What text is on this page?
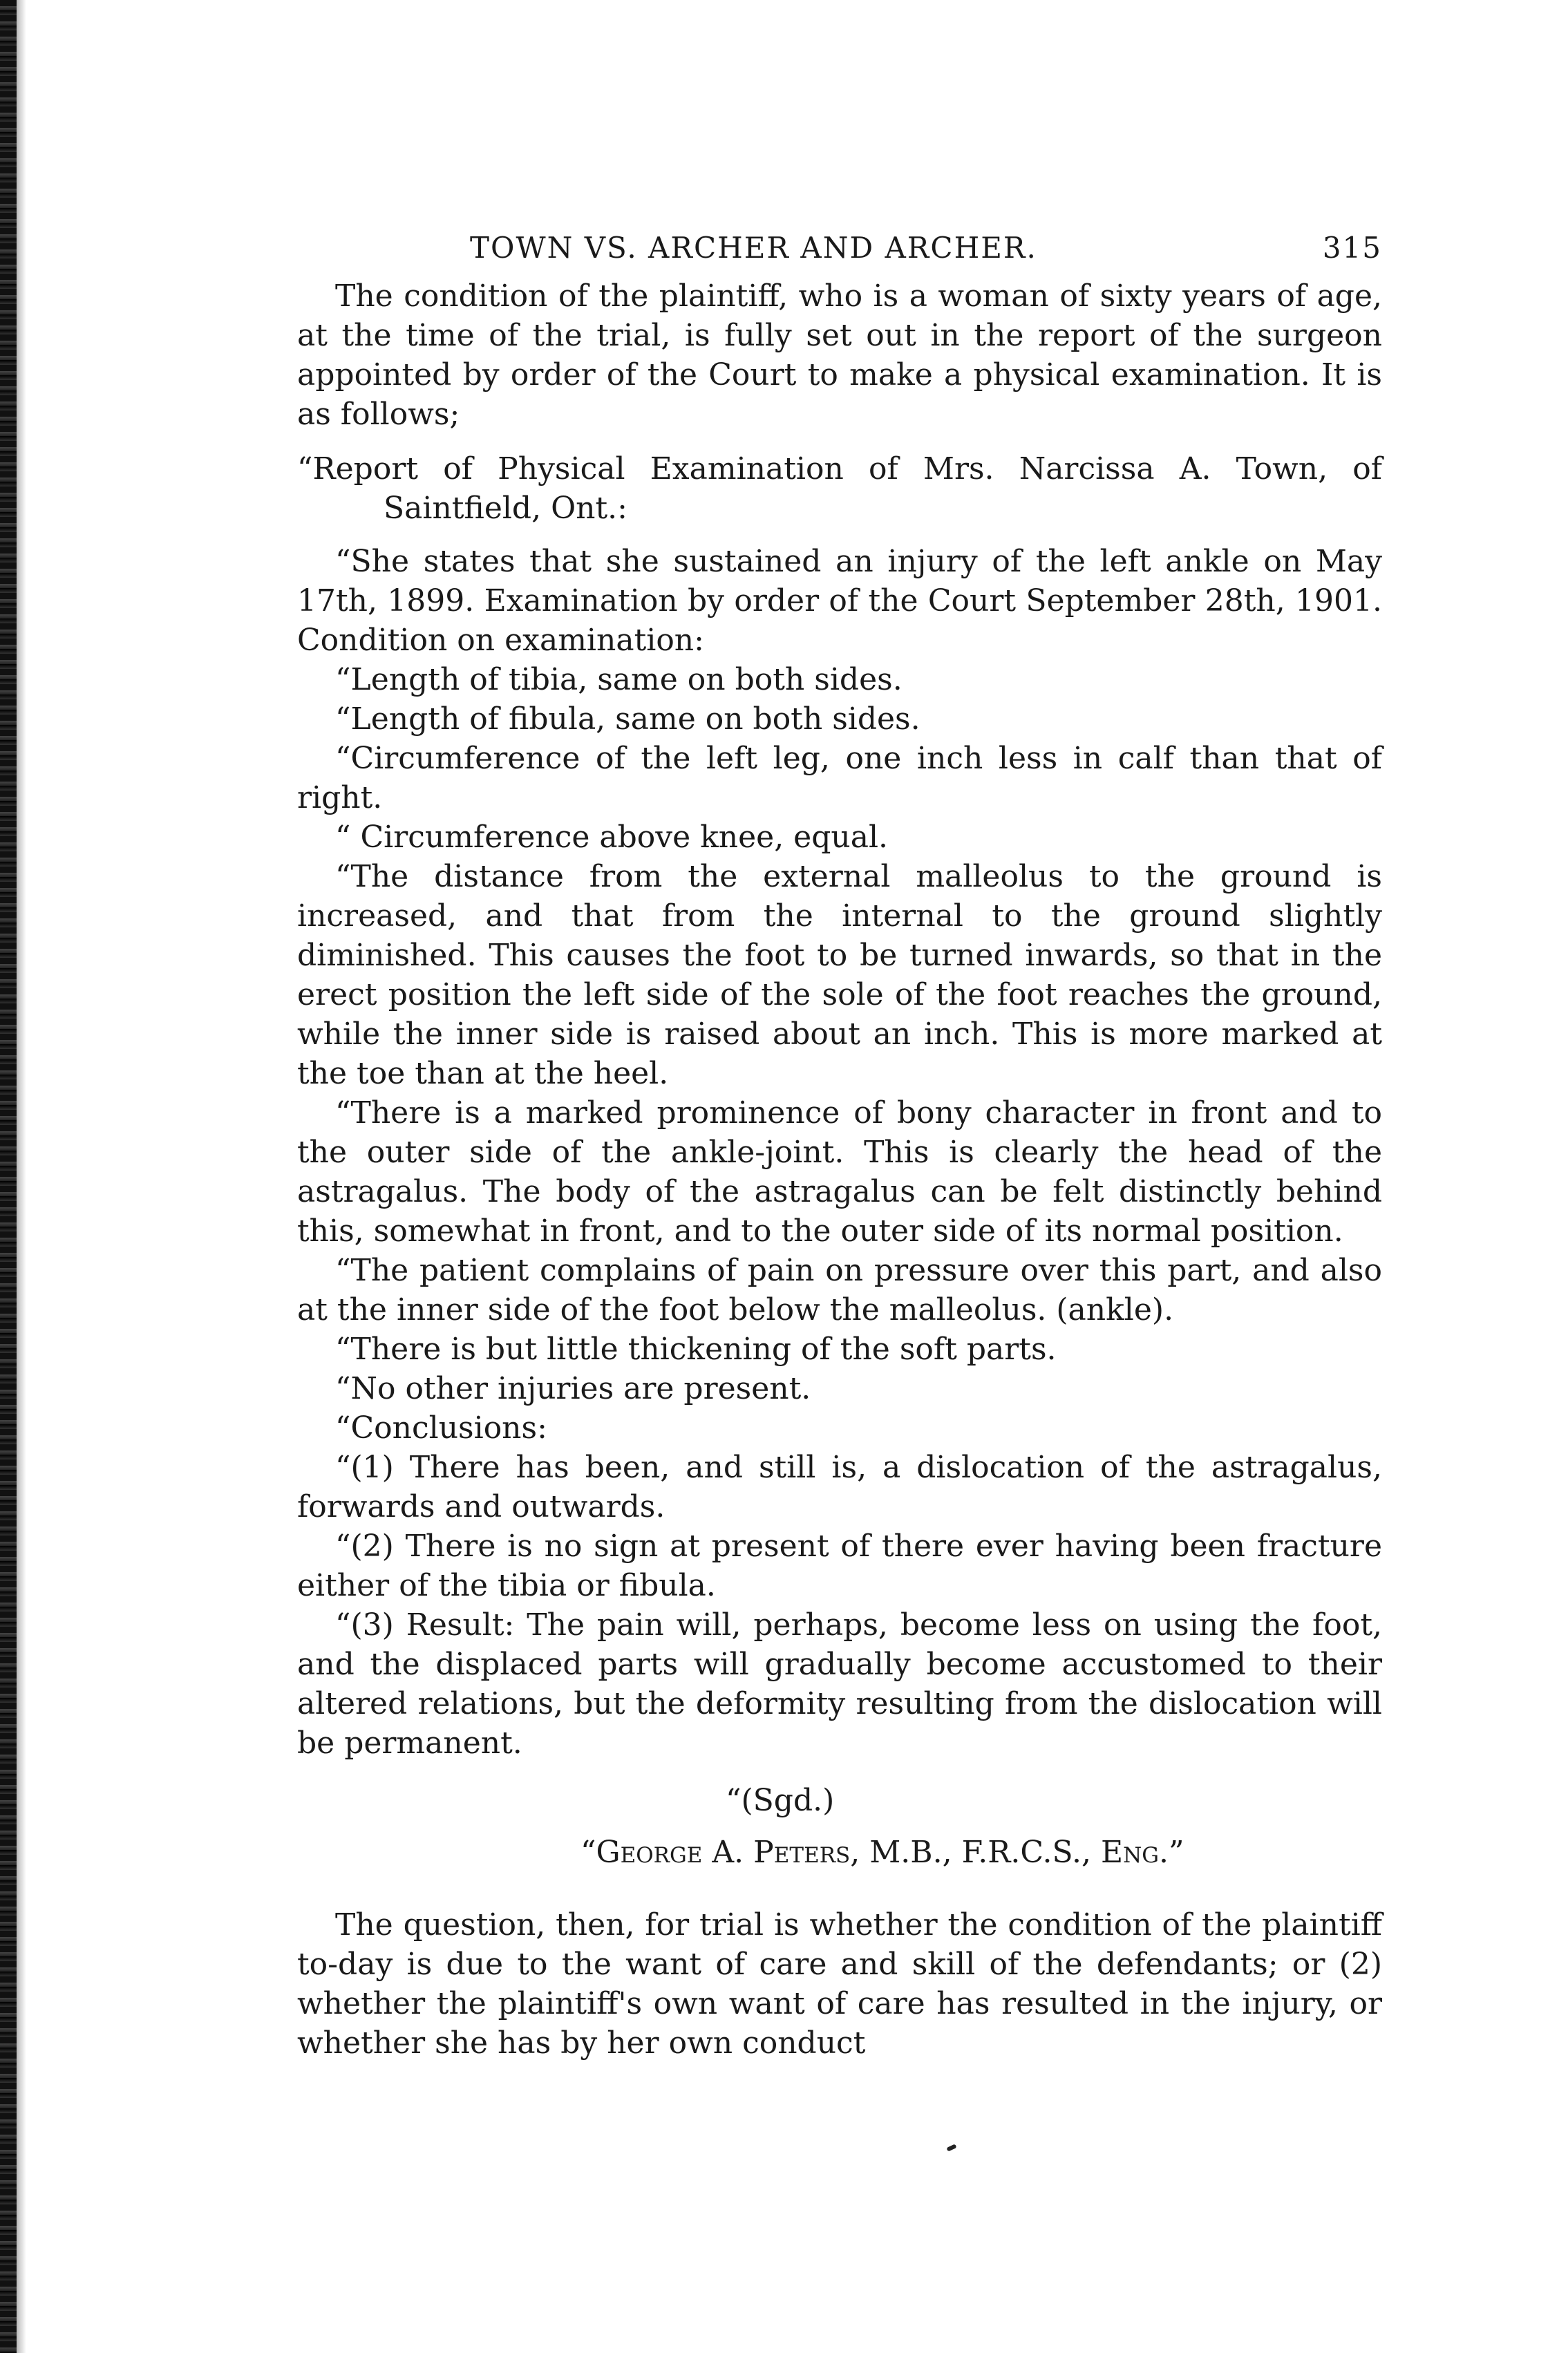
TOWN VS. ARCHER AND ARCHER.	315

The condition of the plaintiff, who is a woman of sixty years of age, at the time of the trial, is fully set out in the report of the surgeon appointed by order of the Court to make a physical examination. It is as follows;

“Report of Physical Examination of Mrs. Narcissa A. Town, of Saintfield, Ont.:

“She states that she sustained an injury of the left ankle on May 17th, 1899. Examination by order of the Court September 28th, 1901. Condition on examination:

“Length of tibia, same on both sides.

“Length of fibula, same on both sides.

“Circumference of the left leg, one inch less in calf than that of right.

“ Circumference above knee, equal.

“The distance from the external malleolus to the ground is increased, and that from the internal to the ground slightly diminished. This causes the foot to be turned inwards, so that in the erect position the left side of the sole of the foot reaches the ground, while the inner side is raised about an inch. This is more marked at the toe than at the heel.

“There is a marked prominence of bony character in front and to the outer side of the ankle-joint. This is clearly the head of the astragalus. The body of the astragalus can be felt distinctly behind this, somewhat in front, and to the outer side of its normal position.

“The patient complains of pain on pressure over this part, and also at the inner side of the foot below the malleolus. (ankle).

“There is but little thickening of the soft parts.

“No other injuries are present.

“Conclusions:

“(1) There has been, and still is, a dislocation of the astragalus, forwards and outwards.

“(2) There is no sign at present of there ever having been fracture either of the tibia or fibula.

“(3) Result: The pain will, perhaps, become less on using the foot, and the displaced parts will gradually become accustomed to their altered relations, but the deformity resulting from the dislocation will be permanent.

“(Sgd.)

“George A. Peters, M.B., F.R.C.S., Eng.”

The question, then, for trial is whether the condition of the plaintiff to-day is due to the want of care and skill of the defendants; or (2) whether the plaintiff's own want of care has resulted in the injury, or whether she has by her own conduct
